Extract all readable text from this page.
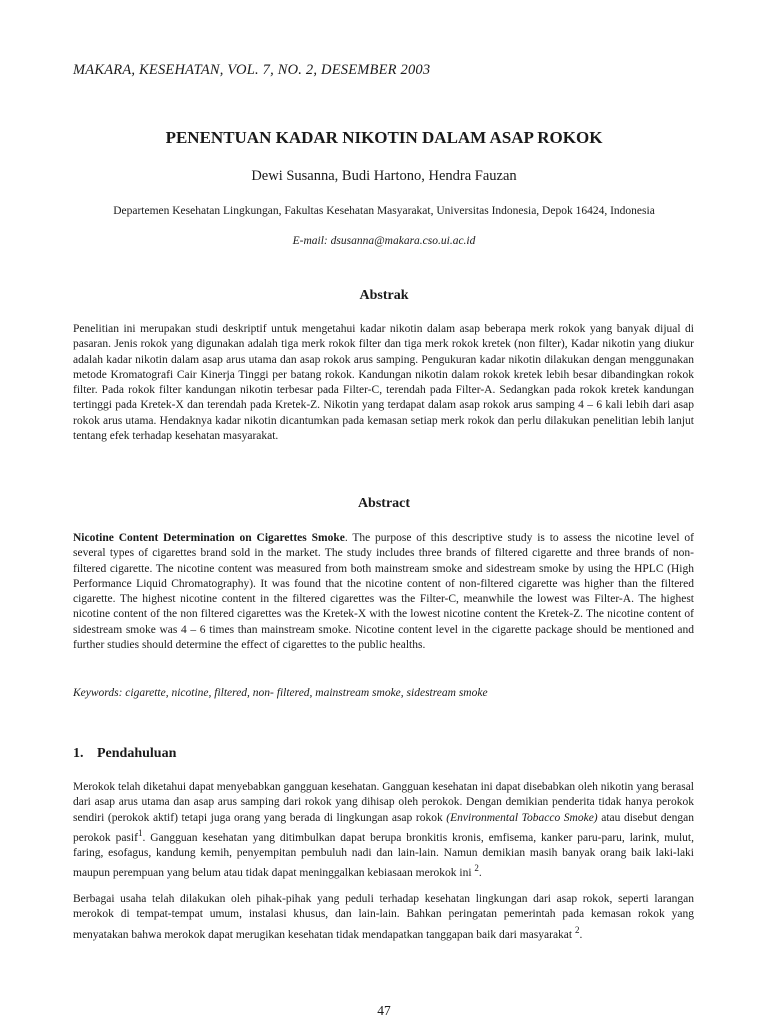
MAKARA, KESEHATAN, VOL. 7, NO. 2, DESEMBER 2003
PENENTUAN KADAR NIKOTIN DALAM ASAP ROKOK
Dewi Susanna, Budi Hartono, Hendra Fauzan
Departemen Kesehatan Lingkungan, Fakultas Kesehatan Masyarakat, Universitas Indonesia, Depok 16424, Indonesia
E-mail: dsusanna@makara.cso.ui.ac.id
Abstrak

Penelitian ini merupakan studi deskriptif untuk mengetahui kadar nikotin dalam asap beberapa merk rokok yang banyak dijual di pasaran. Jenis rokok yang digunakan adalah tiga merk rokok filter dan tiga merk rokok kretek (non filter), Kadar nikotin yang diukur adalah kadar nikotin dalam asap arus utama dan asap rokok arus samping. Pengukuran kadar nikotin dilakukan dengan menggunakan metode Kromatografi Cair Kinerja Tinggi per batang rokok. Kandungan nikotin dalam rokok kretek lebih besar dibandingkan rokok filter. Pada rokok filter kandungan nikotin terbesar pada Filter-C, terendah pada Filter-A. Sedangkan pada rokok kretek kandungan tertinggi pada Kretek-X dan terendah pada Kretek-Z. Nikotin yang terdapat dalam asap rokok arus samping 4 – 6 kali lebih dari asap rokok arus utama. Hendaknya kadar nikotin dicantumkan pada kemasan setiap merk rokok dan perlu dilakukan penelitian lebih lanjut tentang efek terhadap kesehatan masyarakat.

Abstract

Nicotine Content Determination on Cigarettes Smoke. The purpose of this descriptive study is to assess the nicotine level of several types of cigarettes brand sold in the market. The study includes three brands of filtered cigarette and three brands of non-filtered cigarette. The nicotine content was measured from both mainstream smoke and sidestream smoke by using the HPLC (High Performance Liquid Chromatography). It was found that the nicotine content of non-filtered cigarette was higher than the filtered cigarette. The highest nicotine content in the filtered cigarettes was the Filter-C, meanwhile the lowest was Filter-A. The highest nicotine content of the non filtered cigarettes was the Kretek-X with the lowest nicotine content the Kretek-Z. The nicotine content of sidestream smoke was 4 – 6 times than mainstream smoke. Nicotine content level in the cigarette package should be mentioned and further studies should determine the effect of cigarettes to the public healths.

Keywords: cigarette, nicotine, filtered, non- filtered, mainstream smoke, sidestream smoke

1. Pendahuluan

Merokok telah diketahui dapat menyebabkan gangguan kesehatan. Gangguan kesehatan ini dapat disebabkan oleh nikotin yang berasal dari asap arus utama dan asap arus samping dari rokok yang dihisap oleh perokok. Dengan demikian penderita tidak hanya perokok sendiri (perokok aktif) tetapi juga orang yang berada di lingkungan asap rokok (Environmental Tobacco Smoke) atau disebut dengan perokok pasif$^1$. Gangguan kesehatan yang ditimbulkan dapat berupa bronkitis kronis, emfisema, kanker paru-paru, larink, mulut, faring, esofagus, kandung kemih, penyempitan pembuluh nadi dan lain-lain. Namun demikian masih banyak orang baik laki-laki maupun perempuan yang belum atau tidak dapat meninggalkan kebiasaan merokok ini $^2$.

Berbagai usaha telah dilakukan oleh pihak-pihak yang peduli terhadap kesehatan lingkungan dari asap rokok, seperti larangan merokok di tempat-tempat umum, instalasi khusus, dan lain-lain. Bahkan peringatan pemerintah pada kemasan rokok yang menyatakan bahwa merokok dapat merugikan kesehatan tidak mendapatkan tanggapan baik dari masyarakat $^2$.

47
